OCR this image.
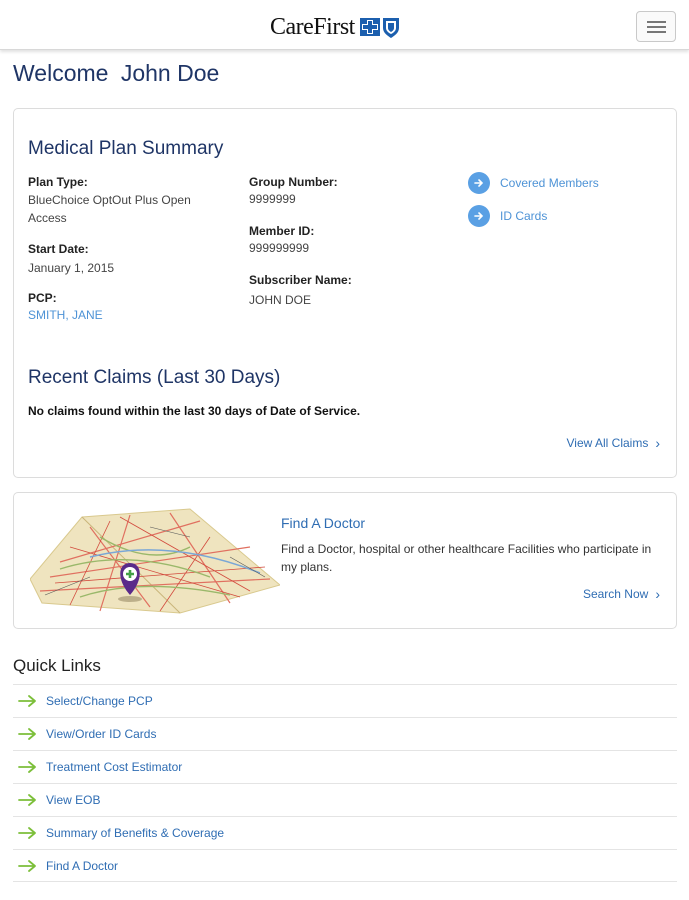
CareFirst
Welcome John Doe
Medical Plan Summary
Plan Type:
BlueChoice OptOut Plus Open Access
Start Date:
January 1, 2015
PCP:
SMITH, JANE
Group Number:
9999999
Member ID:
999999999
Subscriber Name:
JOHN DOE
Covered Members
ID Cards
Recent Claims (Last 30 Days)
No claims found within the last 30 days of Date of Service.
View All Claims ›
Find A Doctor
Find a Doctor, hospital or other healthcare Facilities who participate in my plans.
Search Now ›
Quick Links
Select/Change PCP
View/Order ID Cards
Treatment Cost Estimator
View EOB
Summary of Benefits & Coverage
Find A Doctor
